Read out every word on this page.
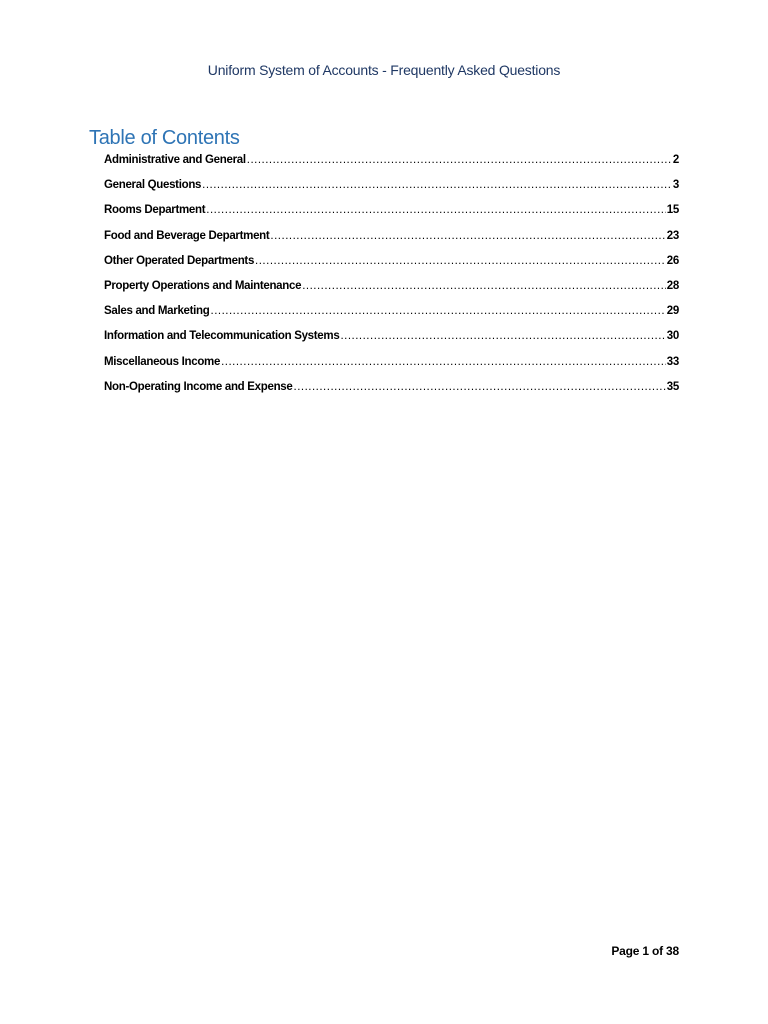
Uniform System of Accounts - Frequently Asked Questions
Table of Contents
Administrative and General .....	2
General Questions .....	3
Rooms Department .....	15
Food and Beverage Department .....	23
Other Operated Departments .....	26
Property Operations and Maintenance .....	28
Sales and Marketing .....	29
Information and Telecommunication Systems .....	30
Miscellaneous Income .....	33
Non-Operating Income and Expense .....	35
Page 1 of 38
